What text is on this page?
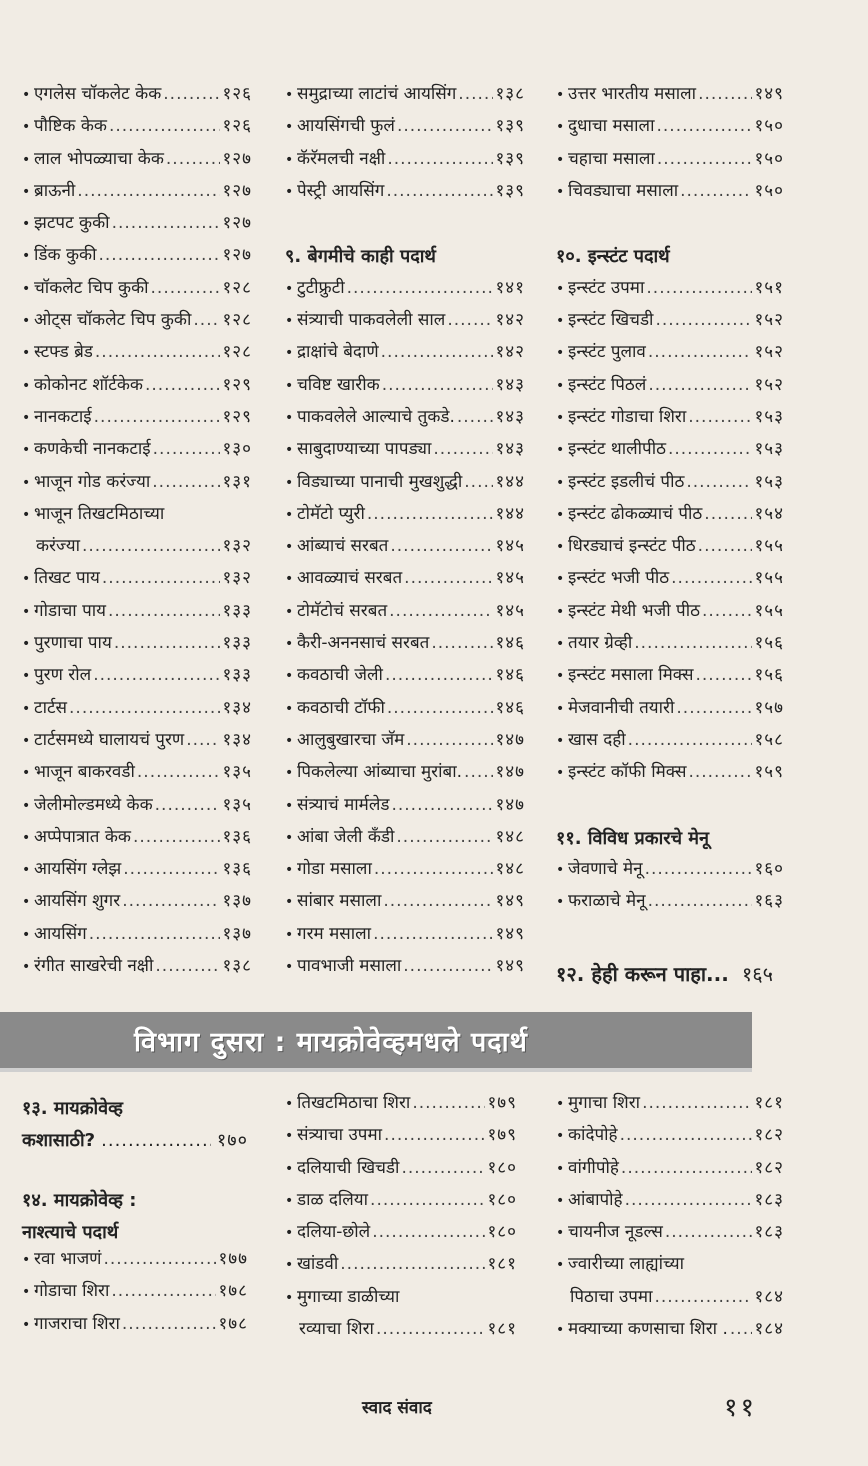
• एगलेस चॉकलेट केक .....	१२६
• पौष्टिक केक .....	१२६
• लाल भोपळ्याचा केक .....	१२७
• ब्राऊनी .....	१२७
• झटपट कुकी .....	१२७
• डिंक कुकी .....	१२७
• चॉकलेट चिप कुकी .....	१२८
• ओट्स चॉकलेट चिप कुकी ..... १२८
• स्टफ्ड ब्रेड .....	१२८
• कोकोनट शॉर्टकेक .....	१२९
• नानकटाई .....	१२९
• कणकेची नानकटाई .....	१३०
• भाजून गोड करंज्या .....	१३१
• भाजून तिखटमिठाच्या
करंज्या .....	१३२
• तिखट पाय .....	१३२
• गोडाचा पाय .....	१३३
• पुरणाचा पाय .....	१३३
• पुरण रोल .....	१३३
• टार्टस .....	१३४
• टार्टसमध्ये घालायचं पुरण ..... १३४
• भाजून बाकरवडी .....	१३५
• जेलीमोल्डमध्ये केक .....	१३५
• अप्पेपात्रात केक .....	१३६
• आयसिंग ग्लेझ .....	१३६
• आयसिंग शुगर .....	१३७
• आयसिंग .....	१३७
• रंगीत साखरेची नक्षी .....	१३८
• समुद्राच्या लाटांचं आयसिंग ..... १३८
• आयसिंगची फुलं .....	१३९
• कॅरॅमलची नक्षी .....	१३९
• पेस्ट्री आयसिंग .....	१३९
९. बेगमीचे काही पदार्थ
• टुटीफ्रुटी .....	१४१
• संत्र्याची पाकवलेली साल .....	१४२
• द्राक्षांचे बेदाणे .....	१४२
• चविष्ट खारीक .....	१४३
• पाकवलेले आल्याचे तुकडे. ..... १४३
• साबुदाण्याच्या पापड्या .....	१४३
• विड्याच्या पानाची मुखशुद्धी ..... १४४
• टोमॅटो प्युरी .....	१४४
• आंब्याचं सरबत .....	१४५
• आवळ्याचं सरबत .....	१४५
• टोमॅटोचं सरबत .....	१४५
• कैरी-अननसाचं सरबत .....	१४६
• कवठाची जेली .....	१४६
• कवठाची टॉफी .....	१४६
• आलुबुखारचा जॅम .....	१४७
• पिकलेल्या आंब्याचा मुरांबा. ..... १४७
• संत्र्याचं मार्मलेड .....	१४७
• आंबा जेली कँडी .....	१४८
• गोडा मसाला .....	१४८
• सांबार मसाला .....	१४९
• गरम मसाला .....	१४९
• पावभाजी मसाला .....	१४९
• उत्तर भारतीय मसाला .....	१४९
• दुधाचा मसाला .....	१५०
• चहाचा मसाला .....	१५०
• चिवड्याचा मसाला .....	१५०
१०. इन्स्टंट पदार्थ
• इन्स्टंट उपमा .....	१५१
• इन्स्टंट खिचडी .....	१५२
• इन्स्टंट पुलाव .....	१५२
• इन्स्टंट पिठलं .....	१५२
• इन्स्टंट गोडाचा शिरा .....	१५३
• इन्स्टंट थालीपीठ .....	१५३
• इन्स्टंट इडलीचं पीठ .....	१५३
• इन्स्टंट ढोकळ्याचं पीठ .....	१५४
• धिरड्याचं इन्स्टंट पीठ .....	१५५
• इन्स्टंट भजी पीठ .....	१५५
• इन्स्टंट मेथी भजी पीठ .....	१५५
• तयार ग्रेव्ही .....	१५६
• इन्स्टंट मसाला मिक्स .....	१५६
• मेजवानीची तयारी .....	१५७
• खास दही .....	१५८
• इन्स्टंट कॉफी मिक्स .....	१५९
११. विविध प्रकारचे मेनू
• जेवणाचे मेनू .....	१६०
• फराळाचे मेनू .....	१६३
१२. हेही करून पाहा... १६५
विभाग दुसरा : मायक्रोवेव्हमधले पदार्थ
१३. मायक्रोवेव्ह
कशासाठी? .....	१७०
१४. मायक्रोवेव्ह :
नाश्त्याचे पदार्थ
• रवा भाजणं .....	१७७
• गोडाचा शिरा .....	१७८
• गाजराचा शिरा .....	१७८
• तिखटमिठाचा शिरा .....	१७९
• संत्र्याचा उपमा .....	१७९
• दलियाची खिचडी .....	१८०
• डाळ दलिया .....	१८०
• दलिया-छोले .....	१८०
• खांडवी .....	१८१
• मुगाच्या डाळीच्या
रव्याचा शिरा .....	१८१
• मुगाचा शिरा .....	१८१
• कांदेपोहे .....	१८२
• वांगीपोहे .....	१८२
• आंबापोहे .....	१८३
• चायनीज नूडल्स .....	१८३
• ज्वारीच्या लाह्यांच्या
पिठाचा उपमा .....	१८४
• मक्याच्या कणसाचा शिरा . ..... १८४
स्वाद संवाद	११
